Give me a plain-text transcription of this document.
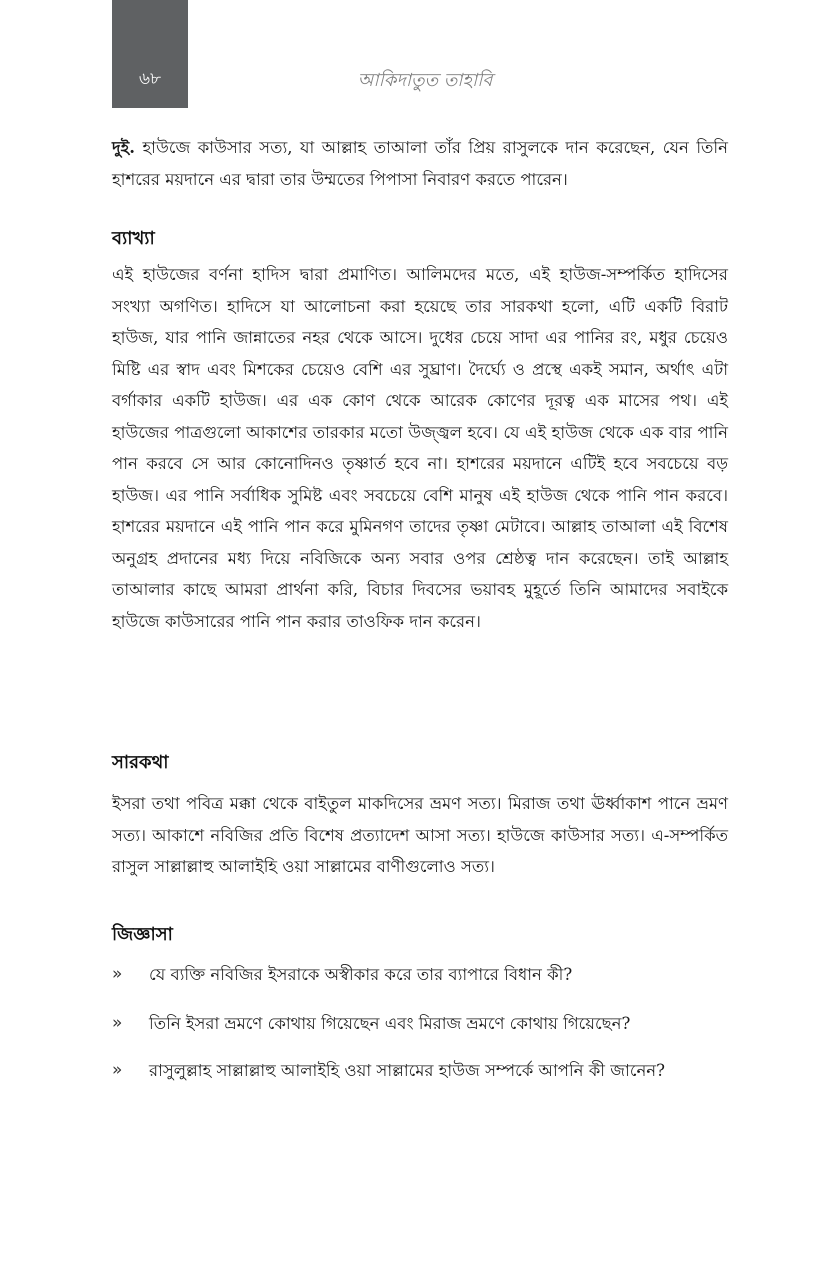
৬৮	আকিদাতুত তাহাবি

দুই. হাউজে কাউসার সত্য, যা আল্লাহ তাআলা তাঁর প্রিয় রাসুলকে দান করেছেন, যেন তিনি হাশরের ময়দানে এর দ্বারা তার উম্মতের পিপাসা নিবারণ করতে পারেন।

ব্যাখ্যা

এই হাউজের বর্ণনা হাদিস দ্বারা প্রমাণিত। আলিমদের মতে, এই হাউজ-সম্পর্কিত হাদিসের সংখ্যা অগণিত। হাদিসে যা আলোচনা করা হয়েছে তার সারকথা হলো, এটি একটি বিরাট হাউজ, যার পানি জান্নাতের নহর থেকে আসে। দুধের চেয়ে সাদা এর পানির রং, মধুর চেয়েও মিষ্টি এর স্বাদ এবং মিশকের চেয়েও বেশি এর সুঘ্রাণ। দৈর্ঘ্যে ও প্রস্থে একই সমান, অর্থাৎ এটা বর্গাকার একটি হাউজ। এর এক কোণ থেকে আরেক কোণের দূরত্ব এক মাসের পথ। এই হাউজের পাত্রগুলো আকাশের তারকার মতো উজ্জ্বল হবে। যে এই হাউজ থেকে এক বার পানি পান করবে সে আর কোনোদিনও তৃষ্ণার্ত হবে না। হাশরের ময়দানে এটিই হবে সবচেয়ে বড় হাউজ। এর পানি সর্বাধিক সুমিষ্ট এবং সবচেয়ে বেশি মানুষ এই হাউজ থেকে পানি পান করবে। হাশরের ময়দানে এই পানি পান করে মুমিনগণ তাদের তৃষ্ণা মেটাবে। আল্লাহ তাআলা এই বিশেষ অনুগ্রহ প্রদানের মধ্য দিয়ে নবিজিকে অন্য সবার ওপর শ্রেষ্ঠত্ব দান করেছেন। তাই আল্লাহ তাআলার কাছে আমরা প্রার্থনা করি, বিচার দিবসের ভয়াবহ মুহূর্তে তিনি আমাদের সবাইকে হাউজে কাউসারের পানি পান করার তাওফিক দান করেন।

সারকথা

ইসরা তথা পবিত্র মক্কা থেকে বাইতুল মাকদিসের ভ্রমণ সত্য। মিরাজ তথা ঊর্ধ্বাকাশ পানে ভ্রমণ সত্য। আকাশে নবিজির প্রতি বিশেষ প্রত্যাদেশ আসা সত্য। হাউজে কাউসার সত্য। এ-সম্পর্কিত রাসুল সাল্লাল্লাহু আলাইহি ওয়া সাল্লামের বাণীগুলোও সত্য।

জিজ্ঞাসা
» যে ব্যক্তি নবিজির ইসরাকে অস্বীকার করে তার ব্যাপারে বিধান কী?
» তিনি ইসরা ভ্রমণে কোথায় গিয়েছেন এবং মিরাজ ভ্রমণে কোথায় গিয়েছেন?
» রাসুলুল্লাহ সাল্লাল্লাহু আলাইহি ওয়া সাল্লামের হাউজ সম্পর্কে আপনি কী জানেন?
